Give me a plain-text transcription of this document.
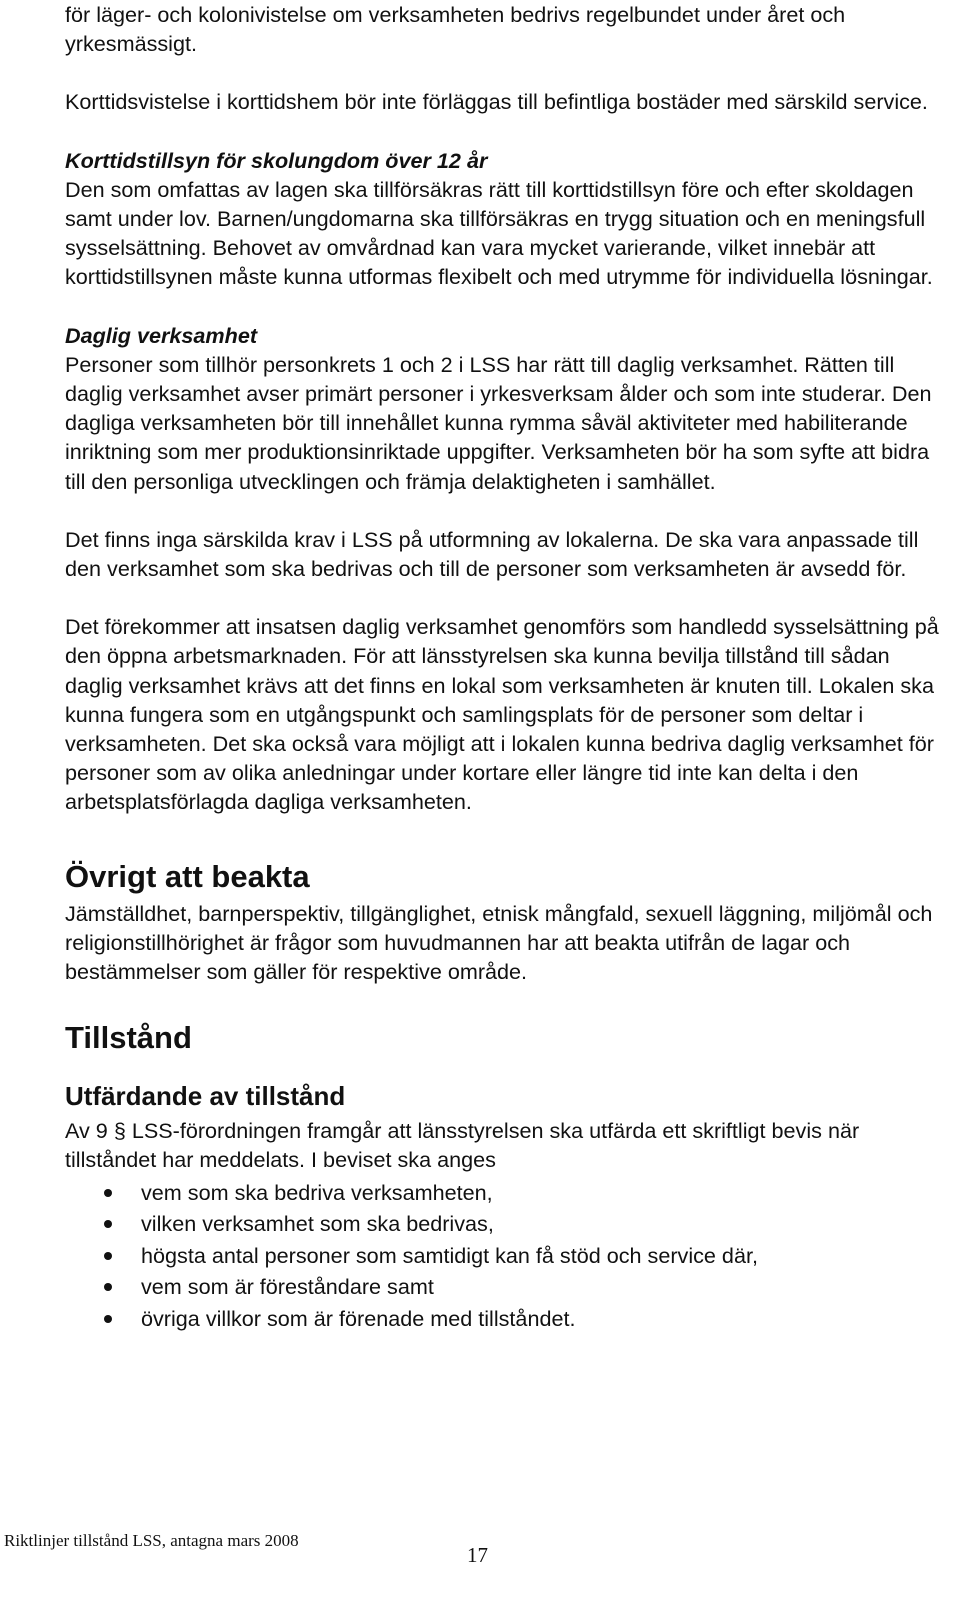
för läger- och kolonivistelse om verksamheten bedrivs regelbundet under året och yrkesmässigt.

Korttidsvistelse i korttidshem bör inte förläggas till befintliga bostäder med särskild service.

Korttidstillsyn för skolungdom över 12 år

Den som omfattas av lagen ska tillförsäkras rätt till korttidstillsyn före och efter skoldagen samt under lov. Barnen/ungdomarna ska tillförsäkras en trygg situation och en meningsfull sysselsättning. Behovet av omvårdnad kan vara mycket varierande, vilket innebär att korttidstillsynen måste kunna utformas flexibelt och med utrymme för individuella lösningar.

Daglig verksamhet

Personer som tillhör personkrets 1 och 2 i LSS har rätt till daglig verksamhet. Rätten till daglig verksamhet avser primärt personer i yrkesverksam ålder och som inte studerar. Den dagliga verksamheten bör till innehållet kunna rymma såväl aktiviteter med habiliterande inriktning som mer produktionsinriktade uppgifter. Verksamheten bör ha som syfte att bidra till den personliga utvecklingen och främja delaktigheten i samhället.

Det finns inga särskilda krav i LSS på utformning av lokalerna. De ska vara anpassade till den verksamhet som ska bedrivas och till de personer som verksamheten är avsedd för.

Det förekommer att insatsen daglig verksamhet genomförs som handledd sysselsättning på den öppna arbetsmarknaden. För att länsstyrelsen ska kunna bevilja tillstånd till sådan daglig verksamhet krävs att det finns en lokal som verksamheten är knuten till. Lokalen ska kunna fungera som en utgångspunkt och samlingsplats för de personer som deltar i verksamheten. Det ska också vara möjligt att i lokalen kunna bedriva daglig verksamhet för personer som av olika anledningar under kortare eller längre tid inte kan delta i den arbetsplatsförlagda dagliga verksamheten.

Övrigt att beakta

Jämställdhet, barnperspektiv, tillgänglighet, etnisk mångfald, sexuell läggning, miljömål och religionstillhörighet är frågor som huvudmannen har att beakta utifrån de lagar och bestämmelser som gäller för respektive område.

Tillstånd
Utfärdande av tillstånd

Av 9 § LSS-förordningen framgår att länsstyrelsen ska utfärda ett skriftligt bevis när tillståndet har meddelats. I beviset ska anges

vem som ska bedriva verksamheten,
vilken verksamhet som ska bedrivas,
högsta antal personer som samtidigt kan få stöd och service där,
vem som är föreståndare samt
övriga villkor som är förenade med tillståndet.
Riktlinjer tillstånd LSS, antagna mars 2008
17
